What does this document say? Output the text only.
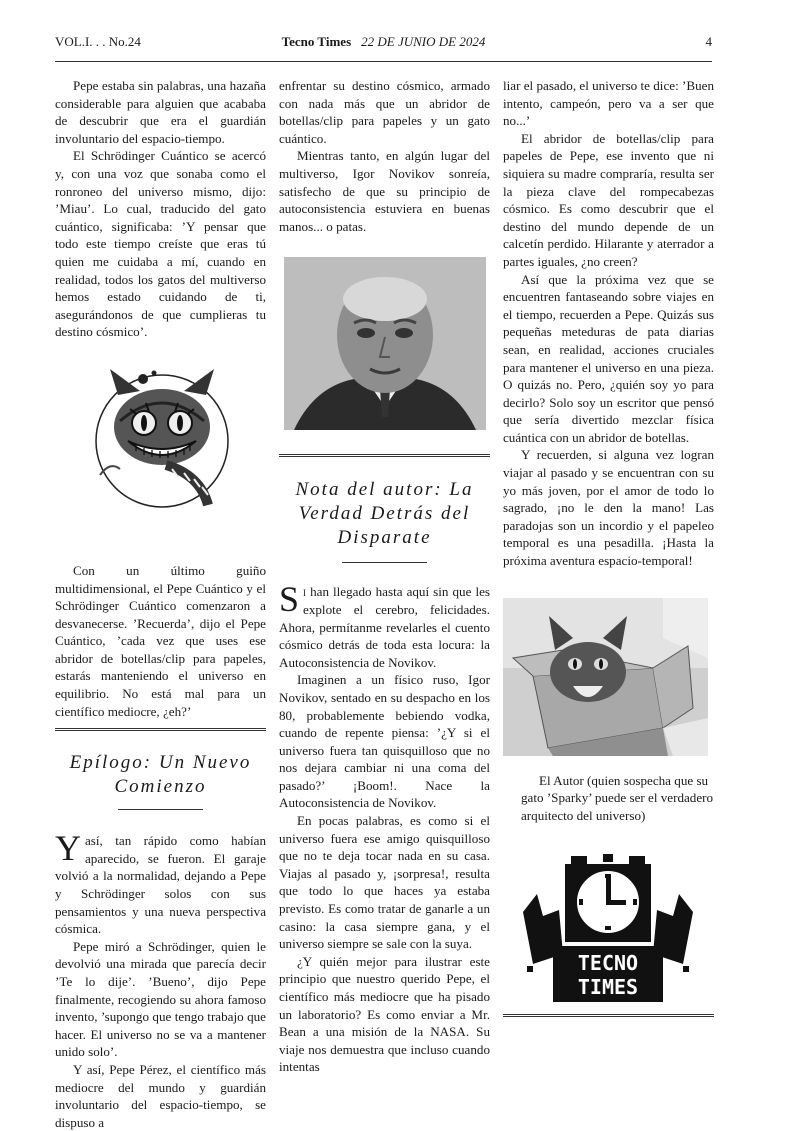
VOL.I. . . No.24	Tecno Times 22 DE JUNIO DE 2024	4

Pepe estaba sin palabras, una hazaña considerable para alguien que acababa de descubrir que era el guardián involuntario del espacio-tiempo.

El Schrödinger Cuántico se acercó y, con una voz que sonaba como el ronroneo del universo mismo, dijo: ’Miau’. Lo cual, traducido del gato cuántico, significaba: ’Y pensar que todo este tiempo creíste que eras tú quien me cuidaba a mí, cuando en realidad, todos los gatos del multiverso hemos estado cuidando de ti, asegurándonos de que cumplieras tu destino cósmico’.

Con un último guiño multidimensional, el Pepe Cuántico y el Schrödinger Cuántico comenzaron a desvanecerse. ’Recuerda’, dijo el Pepe Cuántico, ’cada vez que uses ese abridor de botellas/clip para papeles, estarás manteniendo el universo en equilibrio. No está mal para un científico mediocre, ¿eh?’

Epílogo: Un Nuevo Comienzo

Y así, tan rápido como habían aparecido, se fueron. El garaje volvió a la normalidad, dejando a Pepe y Schrödinger solos con sus pensamientos y una nueva perspectiva cósmica.

Pepe miró a Schrödinger, quien le devolvió una mirada que parecía decir ’Te lo dije’. ’Bueno’, dijo Pepe finalmente, recogiendo su ahora famoso invento, ’supongo que tengo trabajo que hacer. El universo no se va a mantener unido solo’.

Y así, Pepe Pérez, el científico más mediocre del mundo y guardián involuntario del espacio-tiempo, se dispuso a

enfrentar su destino cósmico, armado con nada más que un abridor de botellas/clip para papeles y un gato cuántico.

Mientras tanto, en algún lugar del multiverso, Igor Novikov sonreía, satisfecho de que su principio de autoconsistencia estuviera en buenas manos... o patas.

Nota del autor: La Verdad Detrás del Disparate

Si han llegado hasta aquí sin que les explote el cerebro, felicidades. Ahora, permítanme revelarles el cuento cósmico detrás de toda esta locura: la Autoconsistencia de Novikov.

Imaginen a un físico ruso, Igor Novikov, sentado en su despacho en los 80, probablemente bebiendo vodka, cuando de repente piensa: ’¿Y si el universo fuera tan quisquilloso que no nos dejara cambiar ni una coma del pasado?’ ¡Boom!. Nace la Autoconsistencia de Novikov.

En pocas palabras, es como si el universo fuera ese amigo quisquilloso que no te deja tocar nada en su casa. Viajas al pasado y, ¡sorpresa!, resulta que todo lo que haces ya estaba previsto. Es como tratar de ganarle a un casino: la casa siempre gana, y el universo siempre se sale con la suya.

¿Y quién mejor para ilustrar este principio que nuestro querido Pepe, el científico más mediocre que ha pisado un laboratorio? Es como enviar a Mr. Bean a una misión de la NASA. Su viaje nos demuestra que incluso cuando intentas

liar el pasado, el universo te dice: ’Buen intento, campeón, pero va a ser que no...’

El abridor de botellas/clip para papeles de Pepe, ese invento que ni siquiera su madre compraría, resulta ser la pieza clave del rompecabezas cósmico. Es como descubrir que el destino del mundo depende de un calcetín perdido. Hilarante y aterrador a partes iguales, ¿no creen?

Así que la próxima vez que se encuentren fantaseando sobre viajes en el tiempo, recuerden a Pepe. Quizás sus pequeñas meteduras de pata diarias sean, en realidad, acciones cruciales para mantener el universo en una pieza. O quizás no. Pero, ¿quién soy yo para decirlo? Solo soy un escritor que pensó que sería divertido mezclar física cuántica con un abridor de botellas.

Y recuerden, si alguna vez logran viajar al pasado y se encuentran con su yo más joven, por el amor de todo lo sagrado, ¡no le den la mano! Las paradojas son un incordio y el papeleo temporal es una pesadilla. ¡Hasta la próxima aventura espacio-temporal!

El Autor (quien sospecha que su gato ’Sparky’ puede ser el verdadero arquitecto del universo)

TECNO
TIMES
